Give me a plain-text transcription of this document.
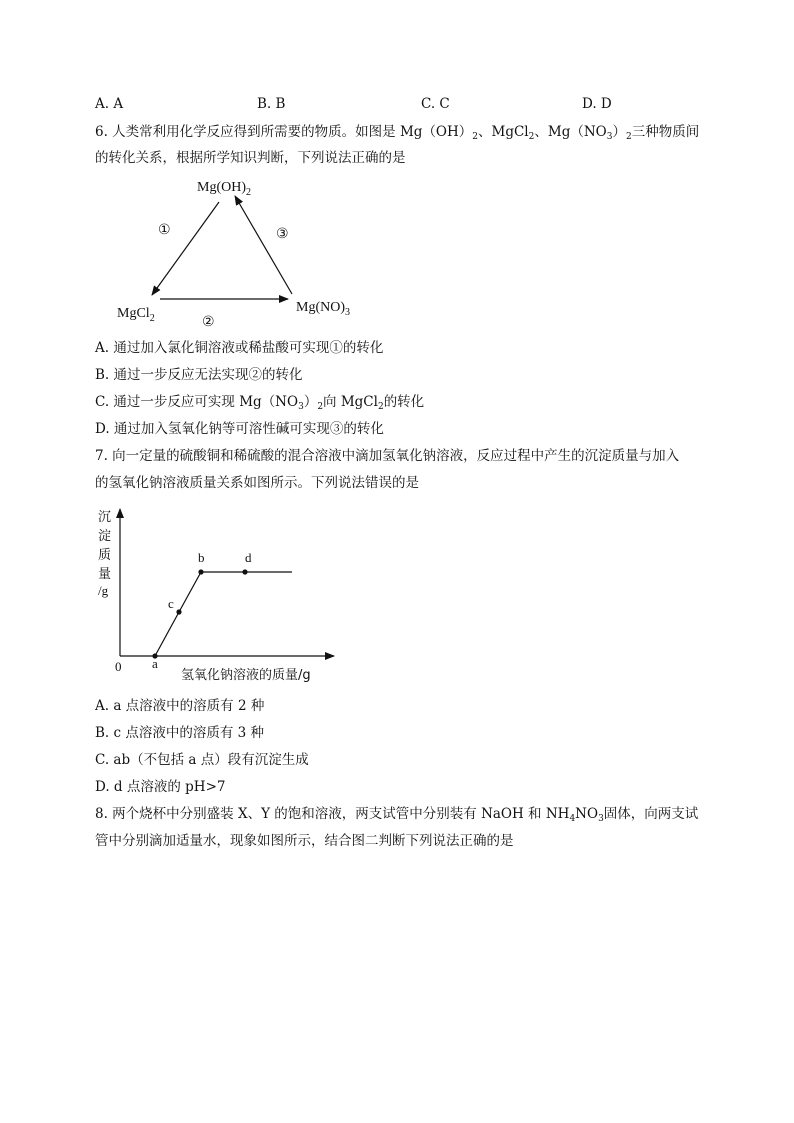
A. A	B. B	C. C	D. D
6. 人类常利用化学反应得到所需要的物质。如图是 $Mg(OH)_2$、MgCl$_2$、$Mg(NO_3)_2$三种物质间
的转化关系，根据所学知识判断，下列说法正确的是
$Mg(OH)_2$
MgCl$_2$
$Mg(NO)_3$
①	③
②
A. 通过加入氯化铜溶液或稀盐酸可实现①的转化
B. 通过一步反应无法实现②的转化
C. 通过一步反应可实现 $Mg(NO_3)_2$向 MgCl$_2$的转化
D. 通过加入氢氧化钠等可溶性碱可实现③的转化
7. 向一定量的硫酸铜和稀硫酸的混合溶液中滴加氢氧化钠溶液，反应过程中产生的沉淀质量与加入
的氢氧化钠溶液质量关系如图所示。下列说法错误的是
沉
淀
质
量
/g
a
c
b	d
0
氢氧化钠溶液的质量/g
A. a 点溶液中的溶质有 2 种
B. c 点溶液中的溶质有 3 种
C. ab（不包括 a 点）段有沉淀生成
D. d 点溶液的 pH>7
8. 两个烧杯中分别盛装 X、Y 的饱和溶液，两支试管中分别装有 NaOH 和 $NH_4NO_3$固体，向两支试
管中分别滴加适量水，现象如图所示，结合图二判断下列说法正确的是
